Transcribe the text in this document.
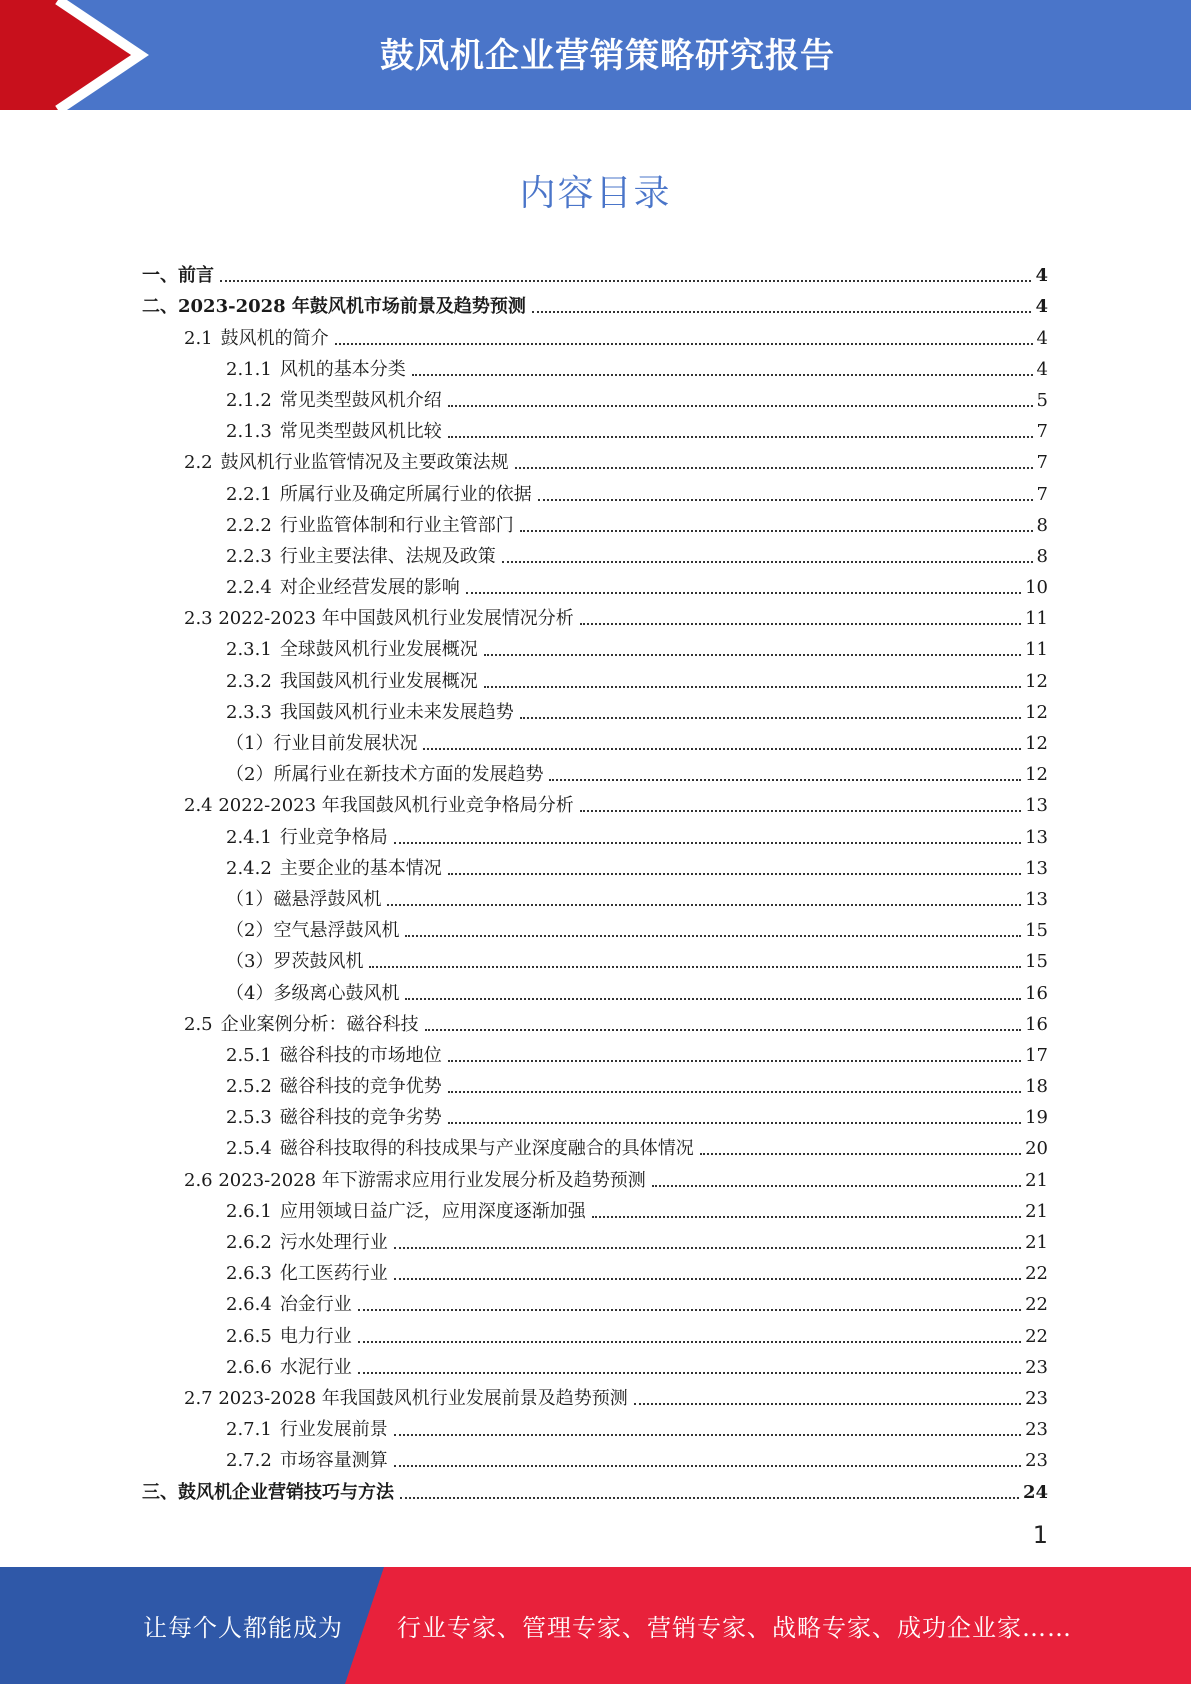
鼓风机企业营销策略研究报告
内容目录
一、前言	4
二、2023-2028 年鼓风机市场前景及趋势预测	4
2.1 鼓风机的简介	4
2.1.1 风机的基本分类	4
2.1.2 常见类型鼓风机介绍	5
2.1.3 常见类型鼓风机比较	7
2.2 鼓风机行业监管情况及主要政策法规	7
2.2.1 所属行业及确定所属行业的依据	7
2.2.2 行业监管体制和行业主管部门	8
2.2.3 行业主要法律、法规及政策	8
2.2.4 对企业经营发展的影响	10
2.3 2022-2023 年中国鼓风机行业发展情况分析	11
2.3.1 全球鼓风机行业发展概况	11
2.3.2 我国鼓风机行业发展概况	12
2.3.3 我国鼓风机行业未来发展趋势	12
（1）行业目前发展状况	12
（2）所属行业在新技术方面的发展趋势	12
2.4 2022-2023 年我国鼓风机行业竞争格局分析	13
2.4.1 行业竞争格局	13
2.4.2 主要企业的基本情况	13
（1）磁悬浮鼓风机	13
（2）空气悬浮鼓风机	15
（3）罗茨鼓风机	15
（4）多级离心鼓风机	16
2.5 企业案例分析：磁谷科技	16
2.5.1 磁谷科技的市场地位	17
2.5.2 磁谷科技的竞争优势	18
2.5.3 磁谷科技的竞争劣势	19
2.5.4 磁谷科技取得的科技成果与产业深度融合的具体情况	20
2.6 2023-2028 年下游需求应用行业发展分析及趋势预测	21
2.6.1 应用领域日益广泛，应用深度逐渐加强	21
2.6.2 污水处理行业	21
2.6.3 化工医药行业	22
2.6.4 冶金行业	22
2.6.5 电力行业	22
2.6.6 水泥行业	23
2.7 2023-2028 年我国鼓风机行业发展前景及趋势预测	23
2.7.1 行业发展前景	23
2.7.2 市场容量测算	23
三、鼓风机企业营销技巧与方法	24
1
让每个人都能成为 行业专家、管理专家、营销专家、战略专家、成功企业家……
